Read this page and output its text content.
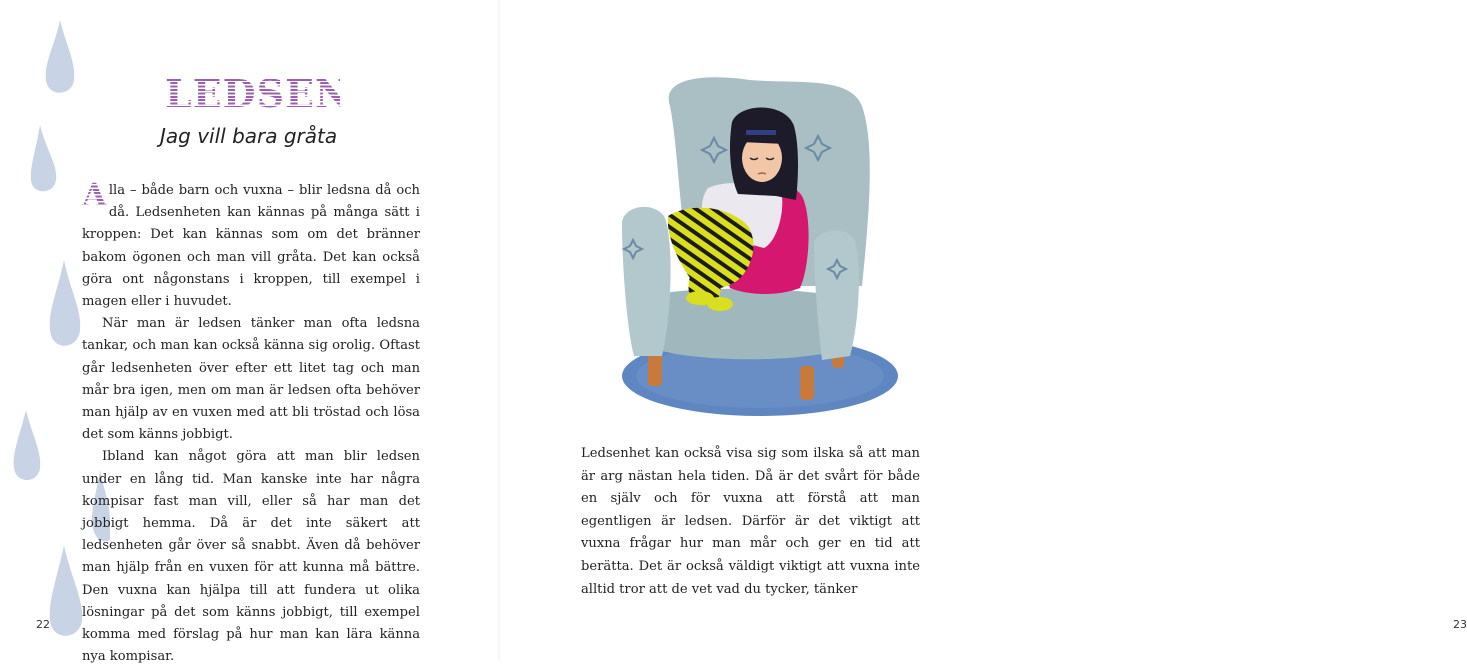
LEDSEN
Jag vill bara gråta

A lla – både barn och vuxna – blir ledsna då och då. Ledsenheten kan kännas på många sätt i kroppen: Det kan kännas som om det bränner bakom ögonen och man vill gråta. Det kan också göra ont någonstans i kroppen, till exempel i magen eller i huvudet.

När man är ledsen tänker man ofta ledsna tankar, och man kan också känna sig orolig. Oftast går ledsenheten över efter ett litet tag och man mår bra igen, men om man är ledsen ofta behöver man hjälp av en vuxen med att bli tröstad och lösa det som känns jobbigt.

Ibland kan något göra att man blir ledsen under en lång tid. Man kanske inte har några kompisar fast man vill, eller så har man det jobbigt hemma. Då är det inte säkert att ledsenheten går över så snabbt. Även då behöver man hjälp från en vuxen för att kunna må bättre. Den vuxna kan hjälpa till att fundera ut olika lösningar på det som känns jobbigt, till exempel komma med förslag på hur man kan lära känna nya kompisar.

22	23

Ledsenhet kan också visa sig som ilska så att man är arg nästan hela tiden. Då är det svårt för både en själv och för vuxna att förstå att man egentligen är ledsen. Därför är det viktigt att vuxna frågar hur man mår och ger en tid att berätta. Det är också väldigt viktigt att vuxna inte alltid tror att de vet vad du tycker, tänker
